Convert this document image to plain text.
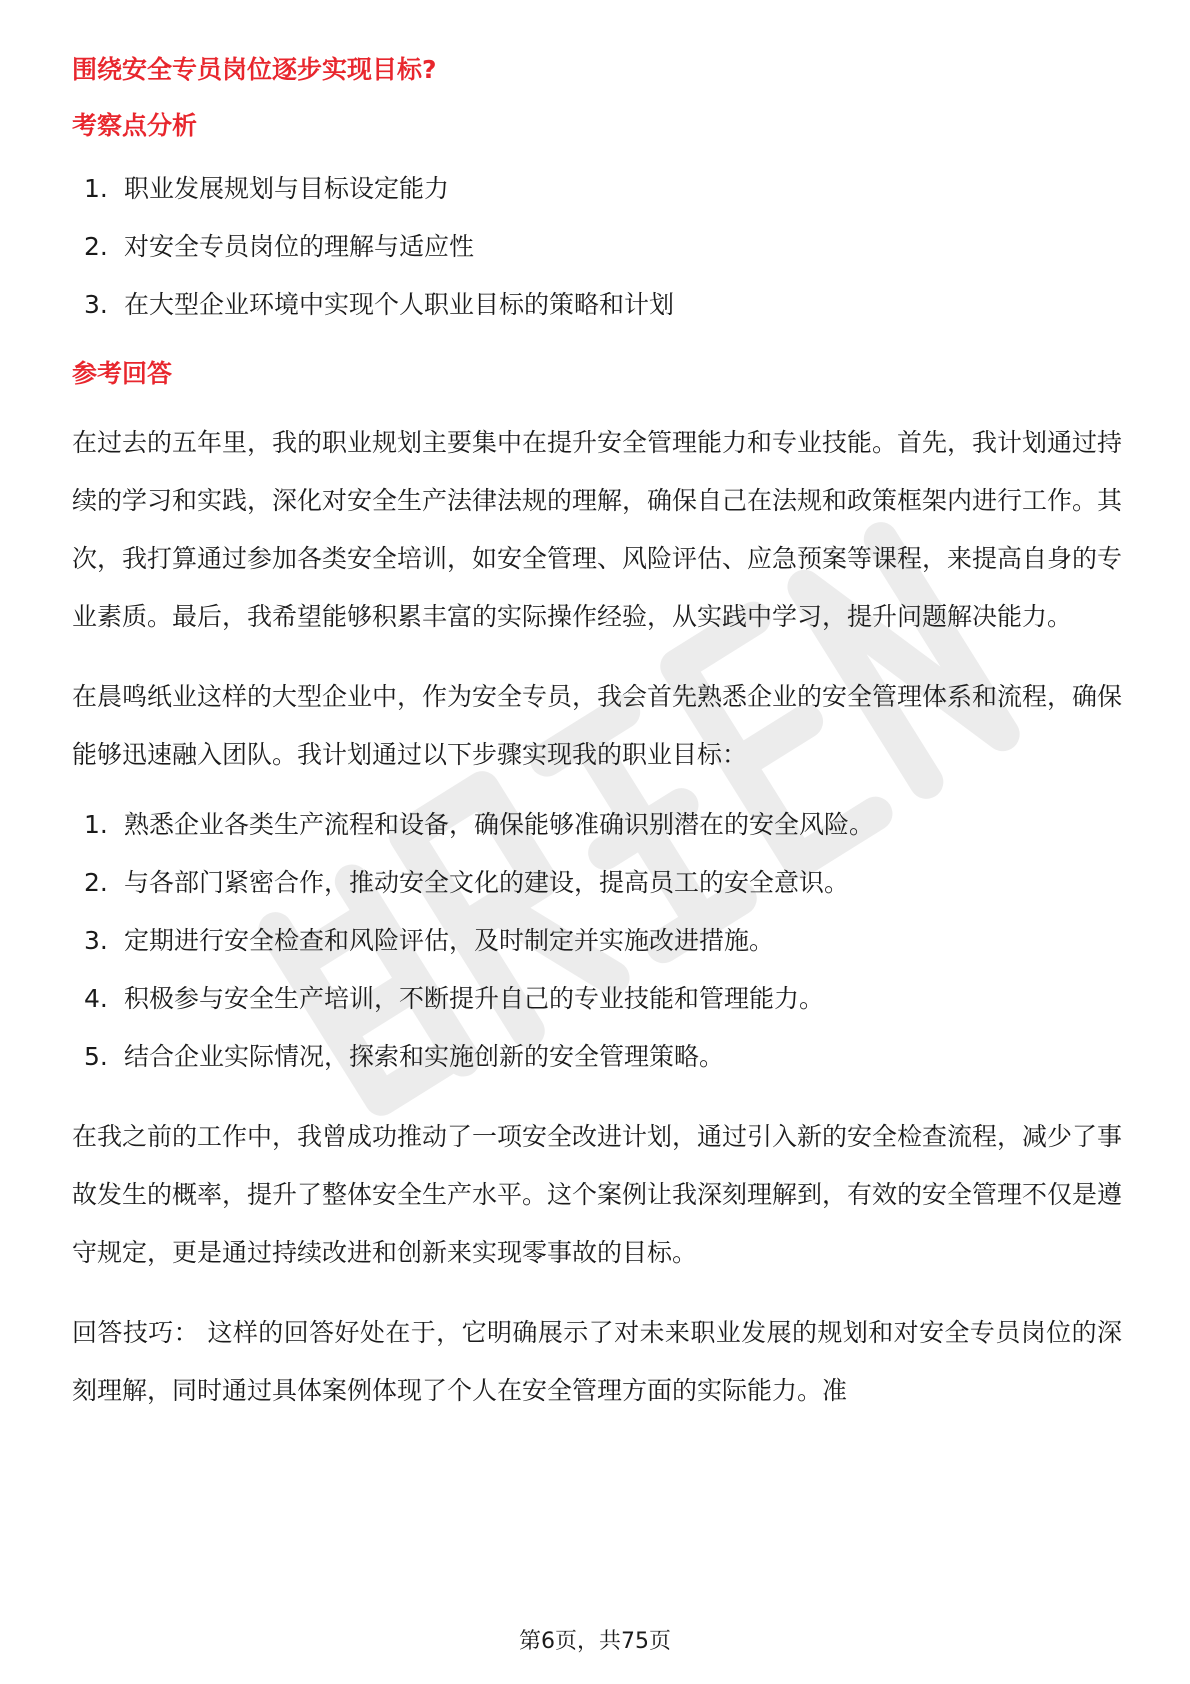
围绕安全专员岗位逐步实现目标?
考察点分析
1. 职业发展规划与目标设定能力
2. 对安全专员岗位的理解与适应性
3. 在大型企业环境中实现个人职业目标的策略和计划
参考回答

在过去的五年里，我的职业规划主要集中在提升安全管理能力和专业技能。首先，我计划通过持续的学习和实践，深化对安全生产法律法规的理解，确保自己在法规和政策框架内进行工作。其次，我打算通过参加各类安全培训，如安全管理、风险评估、应急预案等课程，来提高自身的专业素质。最后，我希望能够积累丰富的实际操作经验，从实践中学习，提升问题解决能力。

在晨鸣纸业这样的大型企业中，作为安全专员，我会首先熟悉企业的安全管理体系和流程，确保能够迅速融入团队。我计划通过以下步骤实现我的职业目标：

1. 熟悉企业各类生产流程和设备，确保能够准确识别潜在的安全风险。
2. 与各部门紧密合作，推动安全文化的建设，提高员工的安全意识。
3. 定期进行安全检查和风险评估，及时制定并实施改进措施。
4. 积极参与安全生产培训，不断提升自己的专业技能和管理能力。
5. 结合企业实际情况，探索和实施创新的安全管理策略。

在我之前的工作中，我曾成功推动了一项安全改进计划，通过引入新的安全检查流程，减少了事故发生的概率，提升了整体安全生产水平。这个案例让我深刻理解到，有效的安全管理不仅是遵守规定，更是通过持续改进和创新来实现零事故的目标。

回答技巧： 这样的回答好处在于，它明确展示了对未来职业发展的规划和对安全专员岗位的深刻理解，同时通过具体案例体现了个人在安全管理方面的实际能力。准

第6页，共75页
